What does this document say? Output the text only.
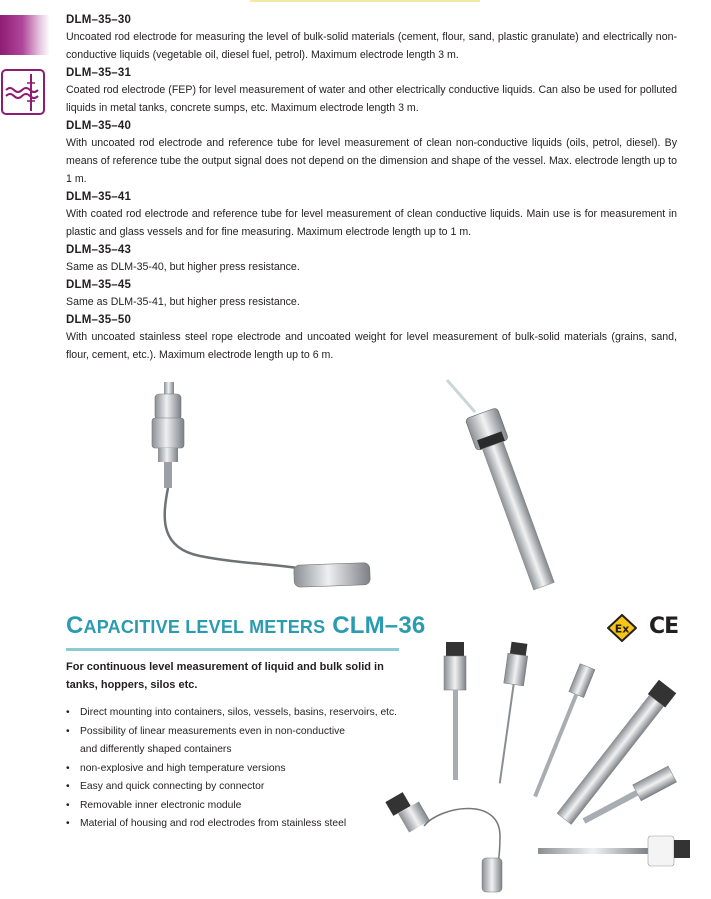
DLM–35–30

Uncoated rod electrode for measuring the level of bulk-solid materials (cement, flour, sand, plastic granulate) and electrically non-conductive liquids (vegetable oil, diesel fuel, petrol). Maximum electrode length 3 m.

DLM–35–31

Coated rod electrode (FEP) for level measurement of water and other electrically conductive liquids. Can also be used for polluted liquids in metal tanks, concrete sumps, etc. Maximum electrode length 3 m.

DLM–35–40

With uncoated rod electrode and reference tube for level measurement of clean non-conductive liquids (oils, petrol, diesel). By means of reference tube the output signal does not depend on the dimension and shape of the vessel. Max. electrode length up to 1 m.

DLM–35–41

With coated rod electrode and reference tube for level measurement of clean conductive liquids. Main use is for measurement in plastic and glass vessels and for fine measuring. Maximum electrode length up to 1 m.

DLM–35–43

Same as DLM-35-40, but higher press resistance.

DLM–35–45

Same as DLM-35-41, but higher press resistance.

DLM–35–50

With uncoated stainless steel rope electrode and uncoated weight for level measurement of bulk-solid materials (grains, sand, flour, cement, etc.). Maximum electrode length up to 6 m.

CAPACITIVE LEVEL METERS CLM–36	Ex CE
For continuous level measurement of liquid and bulk solid in tanks, hoppers, silos etc.
• Direct mounting into containers, silos, vessels, basins, reservoirs, etc.
• Possibility of linear measurements even in non-conductive
and differently shaped containers
• non-explosive and high temperature versions
• Easy and quick connecting by connector
• Removable inner electronic module
• Material of housing and rod electrodes from stainless steel
